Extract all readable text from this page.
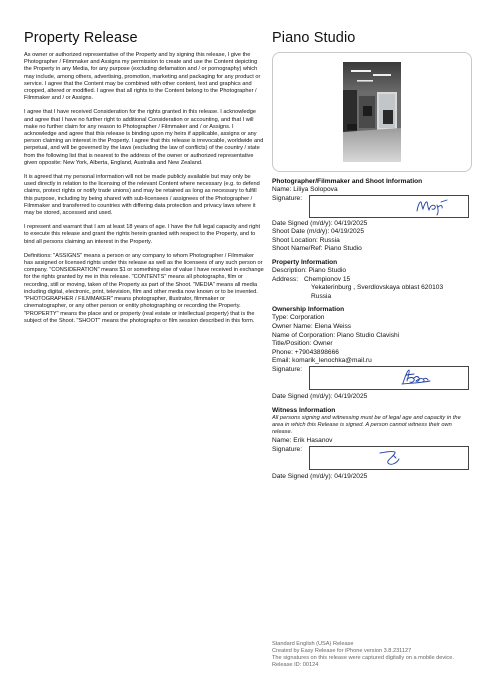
Property Release

As owner or authorized representative of the Property and by signing this release, I give the Photographer / Filmmaker and Assigns my permission to create and use the Content depicting the Property in any Media, for any purpose (excluding defamation and / or pornography) which may include, among others, advertising, promotion, marketing and packaging for any product or service. I agree that the Content may be combined with other content, text and graphics and cropped, altered or modified. I agree that all rights to the Content belong to the Photographer / Filmmaker and / or Assigns.

I agree that I have received Consideration for the rights granted in this release. I acknowledge and agree that I have no further right to additional Consideration or accounting, and that I will make no further claim for any reason to Photographer / Filmmaker and / or Assigns. I acknowledge and agree that this release is binding upon my heirs if applicable, assigns or any person claiming an interest in the Property. I agree that this release is irrevocable, worldwide and perpetual, and will be governed by the laws (excluding the law of conflicts) of the country / state from the following list that is nearest to the address of the owner or authorized representative given opposite: New York, Alberta, England, Australia and New Zealand.

It is agreed that my personal information will not be made publicly available but may only be used directly in relation to the licensing of the relevant Content where necessary (e.g. to defend claims, protect rights or notify trade unions) and may be retained as long as necessary to fulfill this purpose, including by being shared with sub-licensees / assignees of the Photographer / Filmmaker and transferred to countries with differing data protection and privacy laws where it may be stored, accessed and used.

I represent and warrant that I am at least 18 years of age. I have the full legal capacity and right to execute this release and grant the rights herein granted with respect to the Property, and to bind all persons claiming an interest in the Property.

Definitions: "ASSIGNS" means a person or any company to whom Photographer / Filmmaker has assigned or licensed rights under this release as well as the licensees of any such person or company. "CONSIDERATION" means $1 or something else of value I have received in exchange for the rights granted by me in this release. "CONTENTS" means all photographs, film or recording, still or moving, taken of the Property as part of the Shoot. "MEDIA" means all media including digital, electronic, print, television, film and other media now known or to be invented. "PHOTOGRAPHER / FILMMAKER" means photographer, illustrator, filmmaker or cinematographer, or any other person or entity photographing or recording the Property. "PROPERTY" means the place and or property (real estate or intellectual property) that is the subject of the Shoot. "SHOOT" means the photographs or film session described in this form.

Piano Studio
Photographer/Filmmaker and Shoot Information
Name: Liliya Solopova
Signature:
Date Signed (m/d/y): 04/19/2025
Shoot Date (m/d/y): 04/19/2025
Shoot Location: Russia
Shoot Name/Ref: Piano Studio
Property Information
Description: Piano Studio
Address: Chempionov 15
Yekaterinburg , Sverdlovskaya oblast 620103
Russia
Ownership Information
Type: Corporation
Owner Name: Elena Weiss
Name of Corporation: Piano Studio Clavishi
Title/Position: Owner
Phone: +79043898666
Email: komarik_lenochka@mail.ru
Signature:
Date Signed (m/d/y): 04/19/2025
Witness Information
All persons signing and witnessing must be of legal age and capacity in the area in which this Release is signed. A person cannot witness their own release.
Name: Erik Hasanov
Signature:
Date Signed (m/d/y): 04/19/2025
Standard English (USA) Release
Created by Easy Release for iPhone version 3.8.231127
The signatures on this release were captured digitally on a mobile device.
Release ID: 00124
